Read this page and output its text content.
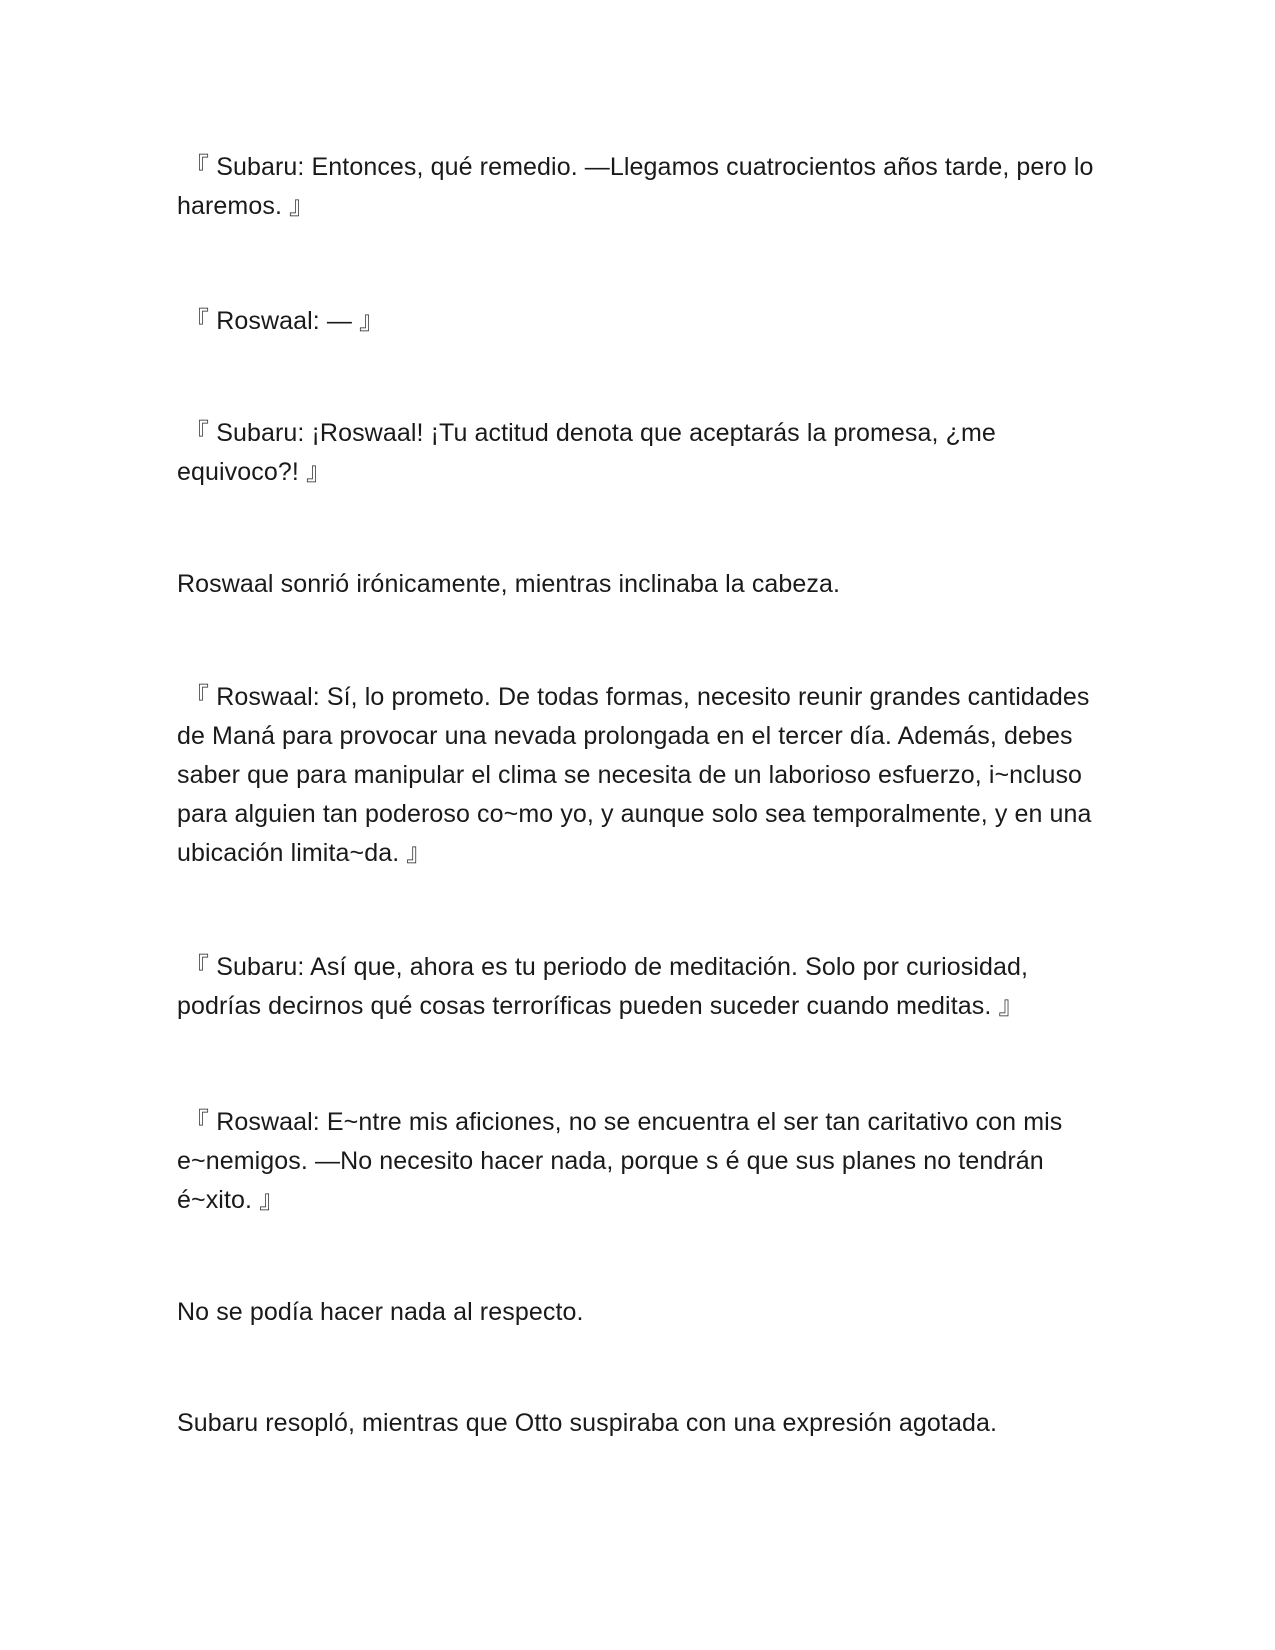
『 Subaru: Entonces, qué remedio. —Llegamos cuatrocientos años tarde, pero lo haremos. 』

『 Roswaal: — 』

『 Subaru: ¡Roswaal! ¡Tu actitud denota que aceptarás la promesa, ¿me equivoco?! 』

Roswaal sonrió irónicamente, mientras inclinaba la cabeza.

『 Roswaal: Sí, lo prometo. De todas formas, necesito reunir grandes cantidades de Maná para provocar una nevada prolongada en el tercer día. Además, debes saber que para manipular el clima se necesita de un laborioso esfuerzo, i~ncluso para alguien tan poderoso co~mo yo, y aunque solo sea temporalmente, y en una ubicación limita~da. 』

『 Subaru: Así que, ahora es tu periodo de meditación. Solo por curiosidad, podrías decirnos qué cosas terroríficas pueden suceder cuando meditas. 』

『 Roswaal: E~ntre mis aficiones, no se encuentra el ser tan caritativo con mis e~nemigos. —No necesito hacer nada, porque s é que sus planes no tendrán é~xito. 』

No se podía hacer nada al respecto.

Subaru resopló, mientras que Otto suspiraba con una expresión agotada.
